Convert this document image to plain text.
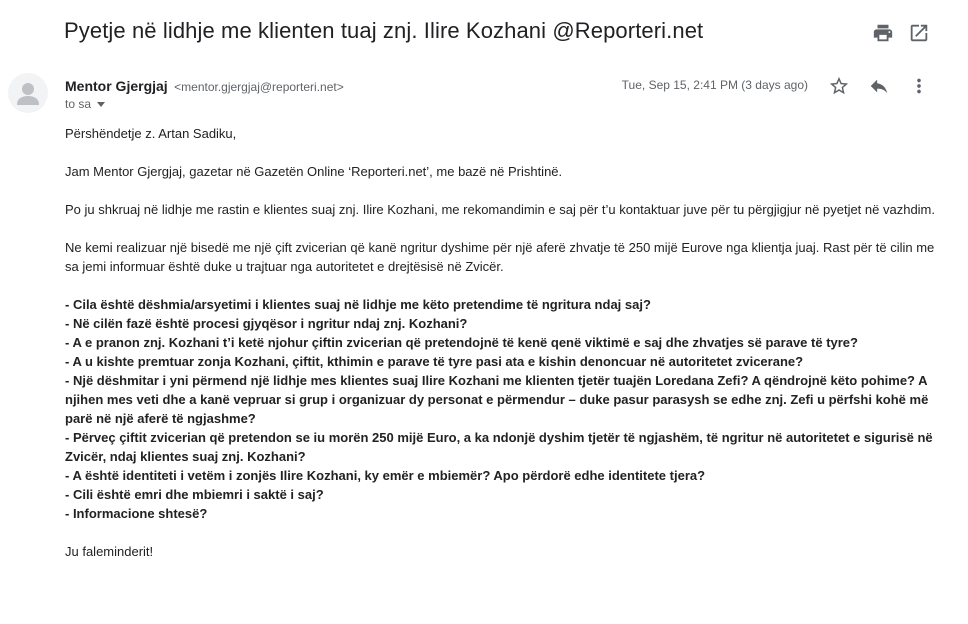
Pyetje në lidhje me klienten tuaj znj. Ilire Kozhani @Reporteri.net
Mentor Gjergjaj <mentor.gjergjaj@reporteri.net>
to sa
Tue, Sep 15, 2:41 PM (3 days ago)

Përshëndetje z. Artan Sadiku,

Jam Mentor Gjergjaj, gazetar në Gazetën Online ‘Reporteri.net’, me bazë në Prishtinë.

Po ju shkruaj në lidhje me rastin e klientes suaj znj. Ilire Kozhani, me rekomandimin e saj për t’u kontaktuar juve për tu përgjigjur në pyetjet në vazhdim.

Ne kemi realizuar një bisedë me një çift zvicerian që kanë ngritur dyshime për një aferë zhvatje të 250 mijë Eurove nga klientja juaj. Rast për të cilin me sa jemi informuar është duke u trajtuar nga autoritetet e drejtësisë në Zvicër.

- Cila është dëshmia/arsyetimi i klientes suaj në lidhje me këto pretendime të ngritura ndaj saj?
- Në cilën fazë është procesi gjyqësor i ngritur ndaj znj. Kozhani?
- A e pranon znj. Kozhani t’i ketë njohur çiftin zvicerian që pretendojnë të kenë qenë viktimë e saj dhe zhvatjes së parave të tyre?
- A u kishte premtuar zonja Kozhani, çiftit, kthimin e parave të tyre pasi ata e kishin denoncuar në autoritetet zvicerane?
- Një dëshmitar i yni përmend një lidhje mes klientes suaj Ilire Kozhani me klienten tjetër tuajën Loredana Zefi? A qëndrojnë këto pohime? A njihen mes veti dhe a kanë vepruar si grup i organizuar dy personat e përmendur – duke pasur parasysh se edhe znj. Zefi u përfshi kohë më parë në një aferë të ngjashme?
- Përveç çiftit zvicerian që pretendon se iu morën 250 mijë Euro, a ka ndonjë dyshim tjetër të ngjashëm, të ngritur në autoritetet e sigurisë në Zvicër, ndaj klientes suaj znj. Kozhani?
- A është identiteti i vetëm i zonjës Ilire Kozhani, ky emër e mbiemër? Apo përdorë edhe identitete tjera?
- Cili është emri dhe mbiemri i saktë i saj?
- Informacione shtesë?

Ju faleminderit!
